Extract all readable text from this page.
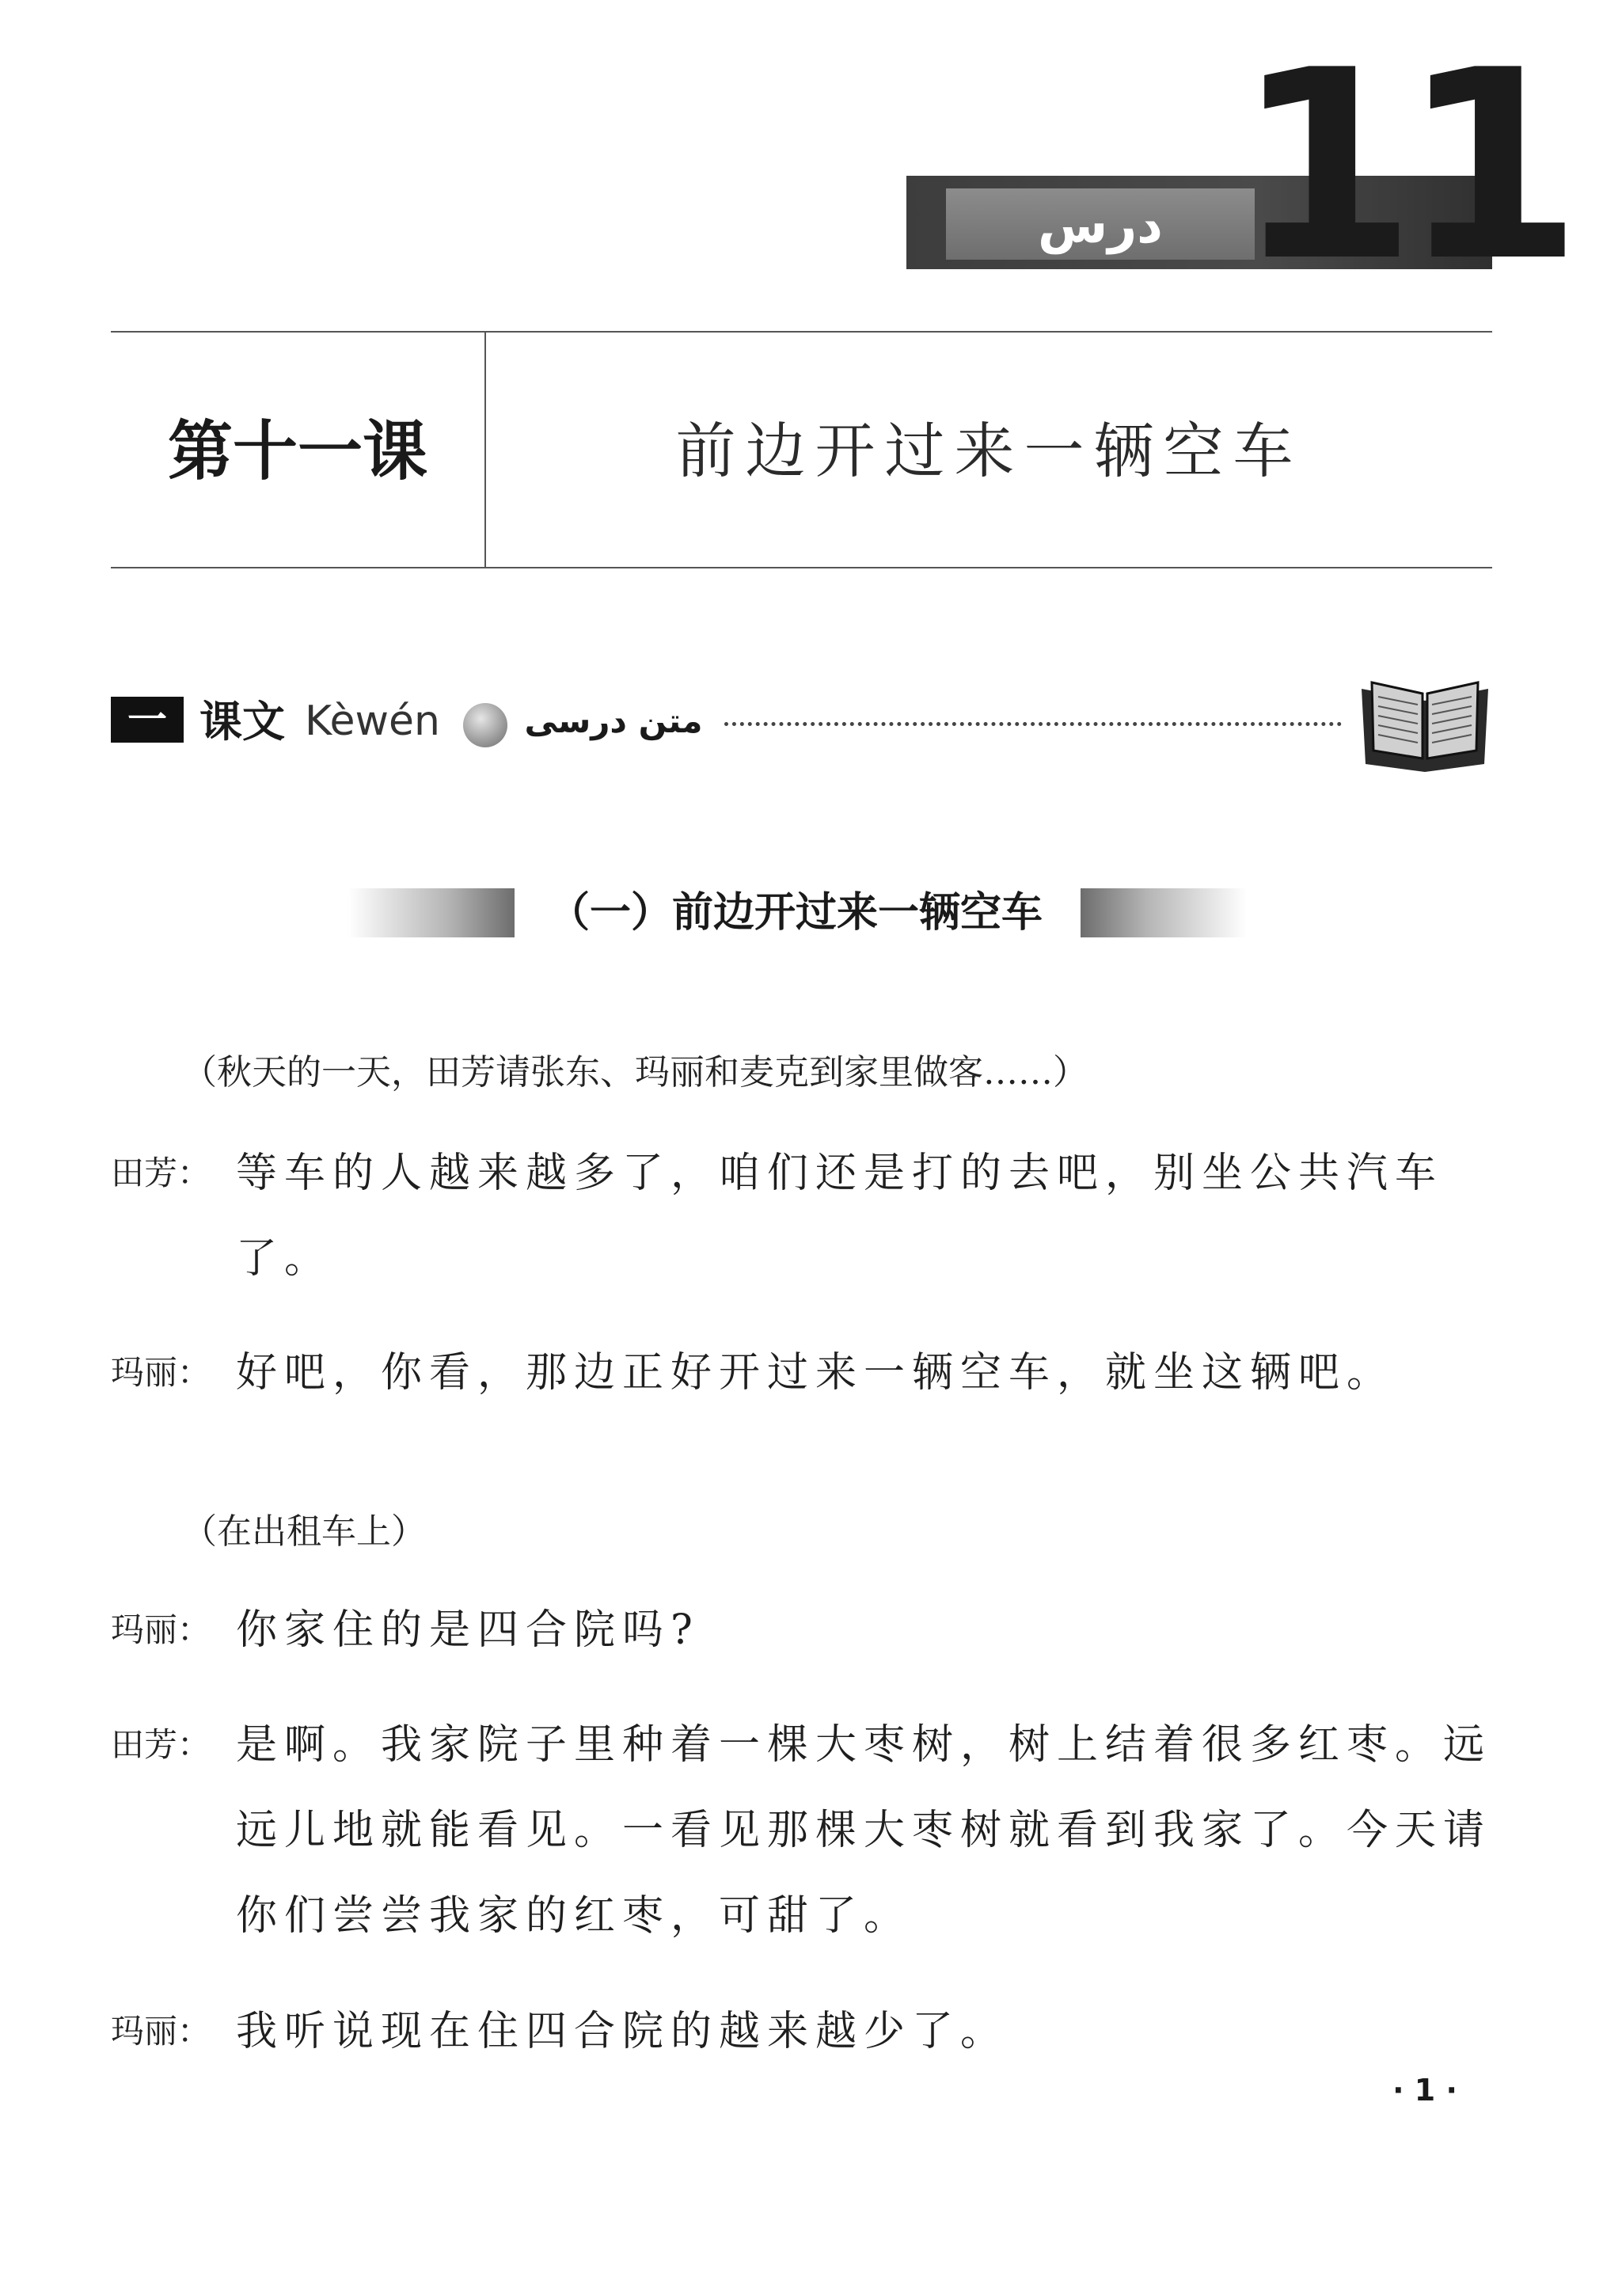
درس 11
第十一课	前边开过来一辆空车
一 课文 Kèwén	متن درسی
（一）前边开过来一辆空车
（秋天的一天，田芳请张东、玛丽和麦克到家里做客……）
田芳： 等车的人越来越多了，咱们还是打的去吧，别坐公共汽车了。
玛丽： 好吧，你看，那边正好开过来一辆空车，就坐这辆吧。
（在出租车上）
玛丽： 你家住的是四合院吗?
田芳： 是啊。我家院子里种着一棵大枣树，树上结着很多红枣。远远儿地就能看见。一看见那棵大枣树就看到我家了。今天请你们尝尝我家的红枣，可甜了。
玛丽： 我听说现在住四合院的越来越少了。
· 1 ·
